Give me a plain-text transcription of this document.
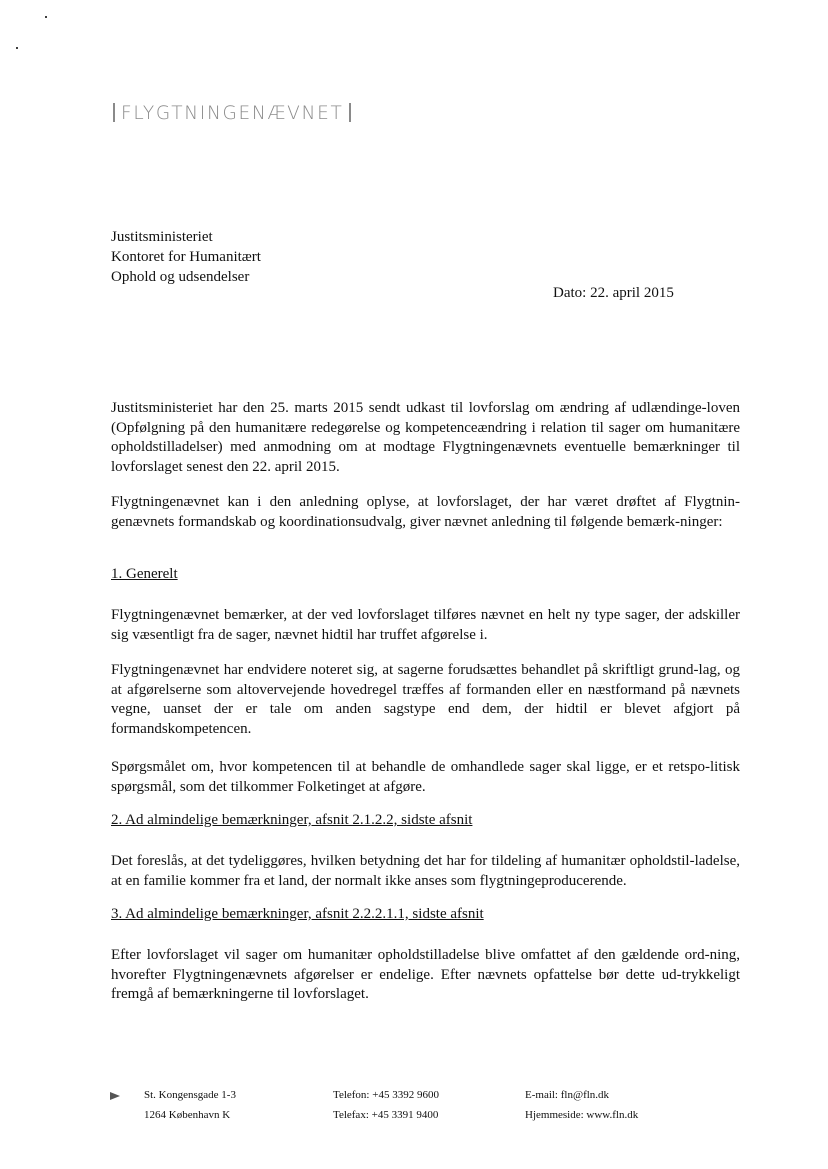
FLYGTNINGENÆVNET
Justitsministeriet
Kontoret for Humanitært
Ophold og udsendelser
Dato: 22. april 2015

Justitsministeriet har den 25. marts 2015 sendt udkast til lovforslag om ændring af udlændinge-loven (Opfølgning på den humanitære redegørelse og kompetenceændring i relation til sager om humanitære opholdstilladelser) med anmodning om at modtage Flygtningenævnets eventuelle bemærkninger til lovforslaget senest den 22. april 2015.

Flygtningenævnet kan i den anledning oplyse, at lovforslaget, der har været drøftet af Flygtnin-genævnets formandskab og koordinationsudvalg, giver nævnet anledning til følgende bemærk-ninger:

1. Generelt

Flygtningenævnet bemærker, at der ved lovforslaget tilføres nævnet en helt ny type sager, der adskiller sig væsentligt fra de sager, nævnet hidtil har truffet afgørelse i.

Flygtningenævnet har endvidere noteret sig, at sagerne forudsættes behandlet på skriftligt grund-lag, og at afgørelserne som altovervejende hovedregel træffes af formanden eller en næstformand på nævnets vegne, uanset der er tale om anden sagstype end dem, der hidtil er blevet afgjort på formandskompetencen.

Spørgsmålet om, hvor kompetencen til at behandle de omhandlede sager skal ligge, er et retspo-litisk spørgsmål, som det tilkommer Folketinget at afgøre.

2. Ad almindelige bemærkninger, afsnit 2.1.2.2, sidste afsnit

Det foreslås, at det tydeliggøres, hvilken betydning det har for tildeling af humanitær opholdstil-ladelse, at en familie kommer fra et land, der normalt ikke anses som flygtningeproducerende.

3. Ad almindelige bemærkninger, afsnit 2.2.2.1.1, sidste afsnit

Efter lovforslaget vil sager om humanitær opholdstilladelse blive omfattet af den gældende ord-ning, hvorefter Flygtningenævnets afgørelser er endelige. Efter nævnets opfattelse bør dette ud-trykkeligt fremgå af bemærkningerne til lovforslaget.

St. Kongensgade 1-3
1264 København K
Telefon: +45 3392 9600
Telefax: +45 3391 9400
E-mail: fln@fln.dk
Hjemmeside: www.fln.dk
